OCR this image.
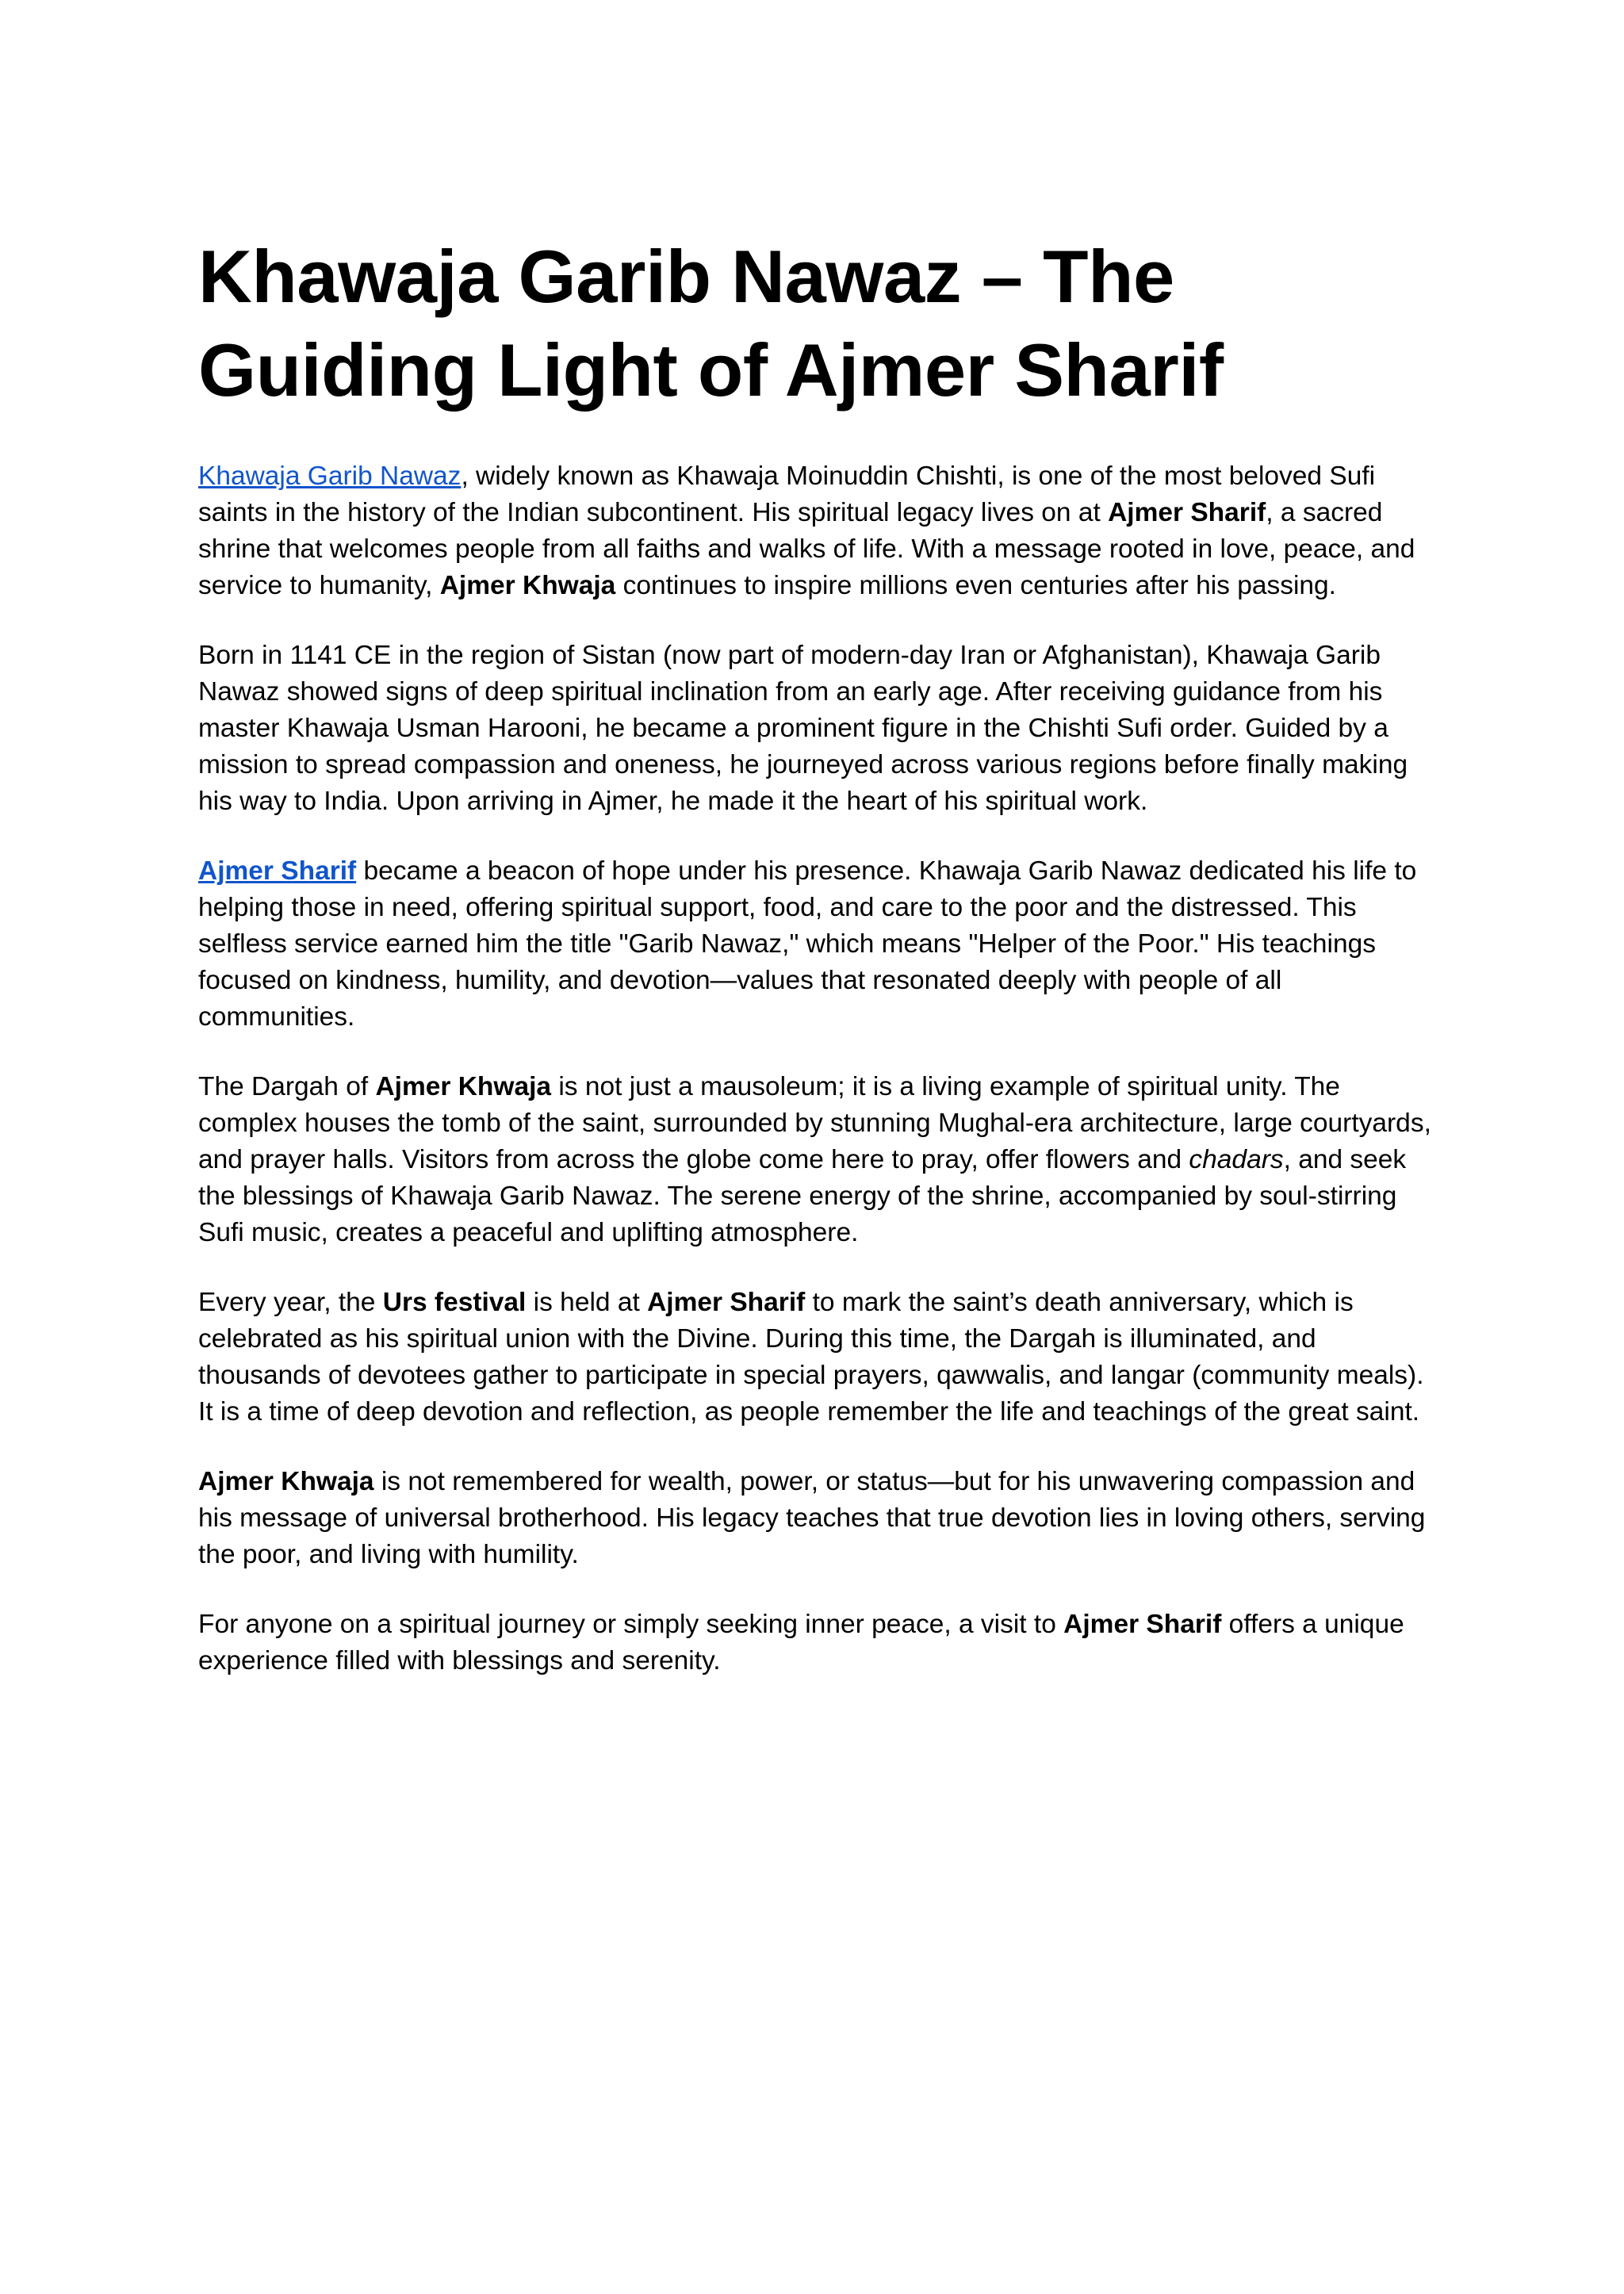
Khawaja Garib Nawaz – The Guiding Light of Ajmer Sharif

Khawaja Garib Nawaz, widely known as Khawaja Moinuddin Chishti, is one of the most beloved Sufi saints in the history of the Indian subcontinent. His spiritual legacy lives on at Ajmer Sharif, a sacred shrine that welcomes people from all faiths and walks of life. With a message rooted in love, peace, and service to humanity, Ajmer Khwaja continues to inspire millions even centuries after his passing.

Born in 1141 CE in the region of Sistan (now part of modern-day Iran or Afghanistan), Khawaja Garib Nawaz showed signs of deep spiritual inclination from an early age. After receiving guidance from his master Khawaja Usman Harooni, he became a prominent figure in the Chishti Sufi order. Guided by a mission to spread compassion and oneness, he journeyed across various regions before finally making his way to India. Upon arriving in Ajmer, he made it the heart of his spiritual work.

Ajmer Sharif became a beacon of hope under his presence. Khawaja Garib Nawaz dedicated his life to helping those in need, offering spiritual support, food, and care to the poor and the distressed. This selfless service earned him the title "Garib Nawaz," which means "Helper of the Poor." His teachings focused on kindness, humility, and devotion—values that resonated deeply with people of all communities.

The Dargah of Ajmer Khwaja is not just a mausoleum; it is a living example of spiritual unity. The complex houses the tomb of the saint, surrounded by stunning Mughal-era architecture, large courtyards, and prayer halls. Visitors from across the globe come here to pray, offer flowers and chadars, and seek the blessings of Khawaja Garib Nawaz. The serene energy of the shrine, accompanied by soul-stirring Sufi music, creates a peaceful and uplifting atmosphere.

Every year, the Urs festival is held at Ajmer Sharif to mark the saint’s death anniversary, which is celebrated as his spiritual union with the Divine. During this time, the Dargah is illuminated, and thousands of devotees gather to participate in special prayers, qawwalis, and langar (community meals). It is a time of deep devotion and reflection, as people remember the life and teachings of the great saint.

Ajmer Khwaja is not remembered for wealth, power, or status—but for his unwavering compassion and his message of universal brotherhood. His legacy teaches that true devotion lies in loving others, serving the poor, and living with humility.

For anyone on a spiritual journey or simply seeking inner peace, a visit to Ajmer Sharif offers a unique experience filled with blessings and serenity.
